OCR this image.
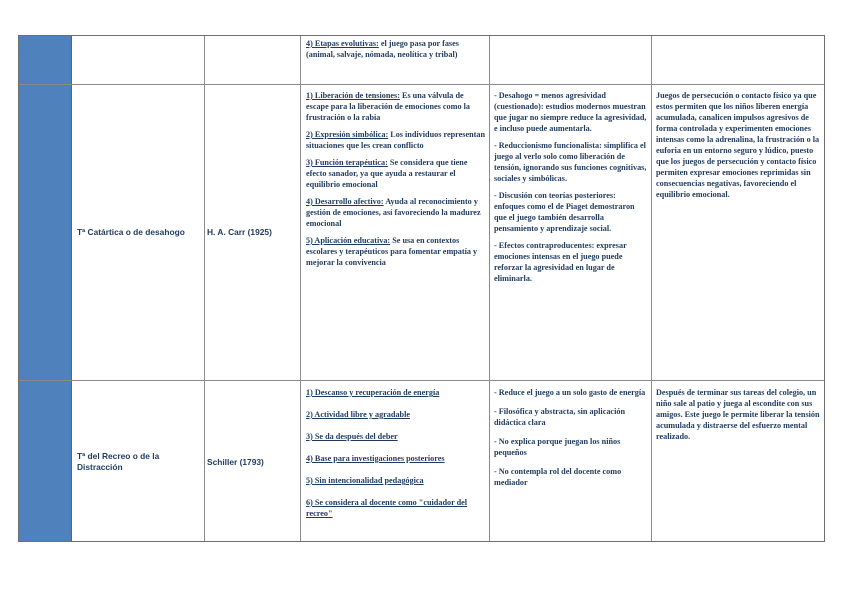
4) Etapas evolutivas: el juego pasa por fases (animal, salvaje, nómada, neolítica y tribal)

Tª Catártica o de desahogo	H. A. Carr (1925)

1) Liberación de tensiones: Es una válvula de escape para la liberación de emociones como la frustración o la rabia

2) Expresión simbólica: Los individuos representan situaciones que les crean conflicto

3) Función terapéutica: Se considera que tiene efecto sanador, ya que ayuda a restaurar el equilibrio emocional

4) Desarrollo afectivo: Ayuda al reconocimiento y gestión de emociones, así favoreciendo la madurez emocional

5) Aplicación educativa: Se usa en contextos escolares y terapéuticos para fomentar empatía y mejorar la convivencia

- Desahogo = menos agresividad (cuestionado): estudios modernos muestran que jugar no siempre reduce la agresividad, e incluso puede aumentarla.

- Reduccionismo funcionalista: simplifica el juego al verlo solo como liberación de tensión, ignorando sus funciones cognitivas, sociales y simbólicas.

- Discusión con teorías posteriores: enfoques como el de Piaget demostraron que el juego también desarrolla pensamiento y aprendizaje social.

- Efectos contraproducentes: expresar emociones intensas en el juego puede reforzar la agresividad en lugar de eliminarla.

Juegos de persecución o contacto físico ya que estos permiten que los niños liberen energía acumulada, canalicen impulsos agresivos de forma controlada y experimenten emociones intensas como la adrenalina, la frustración o la euforia en un entorno seguro y lúdico, puesto que los juegos de persecución y contacto físico permiten expresar emociones reprimidas sin consecuencias negativas, favoreciendo el equilibrio emocional.

Tª del Recreo o de la Distracción	Schiller (1793)

1) Descanso y recuperación de energía

2) Actividad libre y agradable

3) Se da después del deber

4) Base para investigaciones posteriores

5) Sin intencionalidad pedagógica

6) Se considera al docente como "cuidador del recreo"

- Reduce el juego a un solo gasto de energía

- Filosófica y abstracta, sin aplicación didáctica clara

- No explica porque juegan los niños pequeños

- No contempla rol del docente como mediador

Después de terminar sus tareas del colegio, un niño sale al patio y juega al escondite con sus amigos. Este juego le permite liberar la tensión acumulada y distraerse del esfuerzo mental realizado.
